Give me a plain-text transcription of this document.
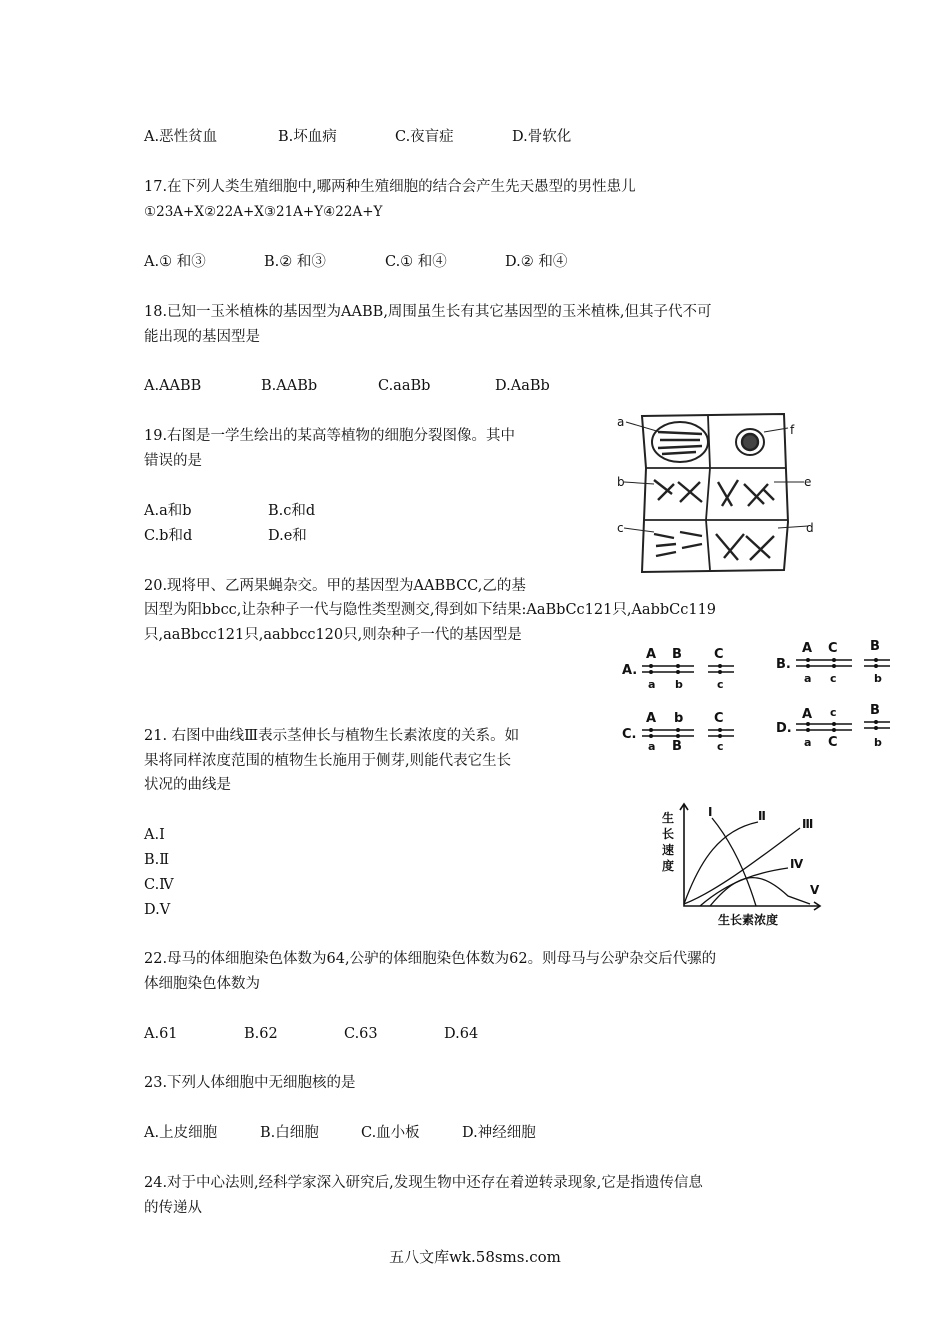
A.恶性贫血	B.坏血病	C.夜盲症	D.骨软化
17.在下列人类生殖细胞中,哪两种生殖细胞的结合会产生先天愚型的男性患儿
①23A+X②22A+X③21A+Y④22A+Y
A.① 和③	B.② 和③	C.① 和④	D.② 和④
18.已知一玉米植株的基因型为AABB,周围虽生长有其它基因型的玉米植株,但其子代不可
能出现的基因型是
A.AABB	B.AABb	C.aaBb	D.AaBb
19.右图是一学生绘出的某高等植物的细胞分裂图像。其中
错误的是
A.a和b	B.c和d
C.b和d	D.e和
a
b
c	d
e
f
20.现将甲、乙两果蝇杂交。甲的基因型为AABBCC,乙的基
因型为阳bbcc,让杂种子一代与隐性类型测交,得到如下结果:AaBbCc121只,AabbCc119
只,aaBbcc121只,aabbcc120只,则杂种子一代的基因型是
A.
A B C
a b	c
B.
A C B
a c	b
C.
A b C
a B	c
D.
A c	B
a C	b
21. 右图中曲线Ⅲ表示茎伸长与植物生长素浓度的关系。如
果将同样浓度范围的植物生长施用于侧芽,则能代表它生长
状况的曲线是
A.Ⅰ
B.Ⅱ
C.Ⅳ
D.Ⅴ
生
长
速
度
生长素浓度
I	Ⅱ
Ⅲ
Ⅳ
V
22.母马的体细胞染色体数为64,公驴的体细胞染色体数为62。则母马与公驴杂交后代骡的
体细胞染色体数为
A.61	B.62	C.63	D.64
23.下列人体细胞中无细胞核的是
A.上皮细胞	B.白细胞	C.血小板	D.神经细胞
24.对于中心法则,经科学家深入研究后,发现生物中还存在着逆转录现象,它是指遗传信息
的传递从
五八文库wk.58sms.com
